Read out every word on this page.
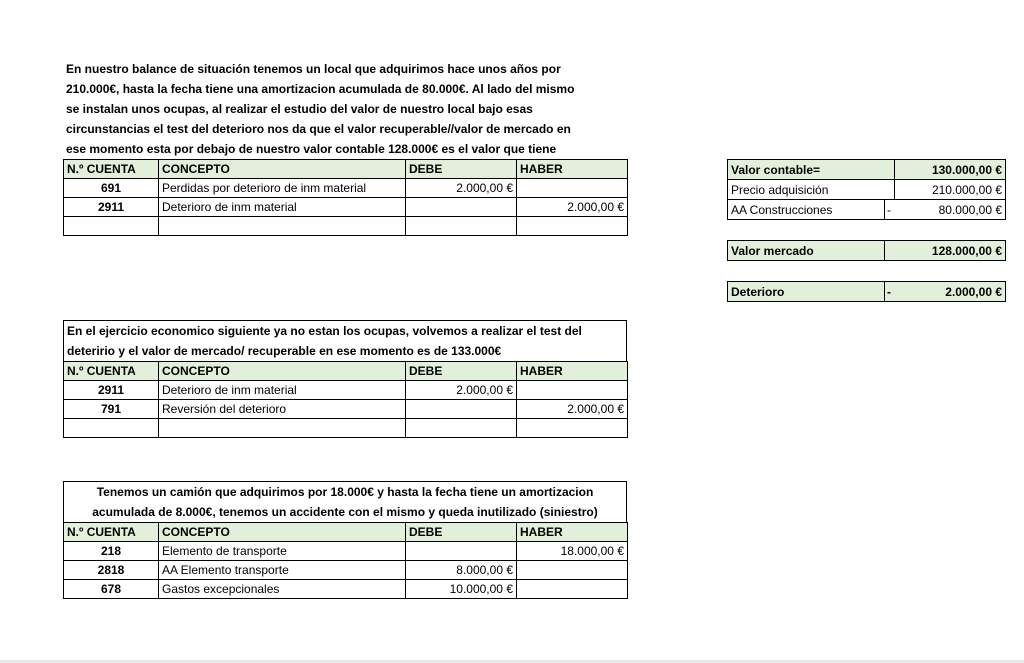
En nuestro balance de situación tenemos un local que adquirimos hace unos años por
210.000€, hasta la fecha tiene una amortizacion acumulada de 80.000€. Al lado del mismo
se instalan unos ocupas, al realizar el estudio del valor de nuestro local bajo esas
circunstancias el test del deterioro nos da que el valor recuperable//valor de mercado en
ese momento esta por debajo de nuestro valor contable 128.000€ es el valor que tiene
N.º CUENTA	CONCEPTO	DEBE	HABER
691	Perdidas por deterioro de inm material	2.000,00 €	
2911	Deterioro de inm material		2.000,00 €

Valor contable=		130.000,00 €
Precio adquisición		210.000,00 €
AA Construcciones	-	80.000,00 €
Valor mercado	128.000,00 €
Deterioro	-	2.000,00 €
En el ejercicio economico siguiente ya no estan los ocupas, volvemos a realizar el test del
deteririo y el valor de mercado/ recuperable en ese momento es de 133.000€
N.º CUENTA	CONCEPTO	DEBE	HABER
2911	Deterioro de inm material	2.000,00 €	
791	Reversión del deterioro		2.000,00 €

Tenemos un camión que adquirimos por 18.000€ y hasta la fecha tiene un amortizacion
acumulada de 8.000€, tenemos un accidente con el mismo y queda inutilizado (siniestro)
N.º CUENTA	CONCEPTO	DEBE	HABER
218	Elemento de transporte		18.000,00 €
2818	AA Elemento transporte	8.000,00 €	
678	Gastos excepcionales	10.000,00 €	
